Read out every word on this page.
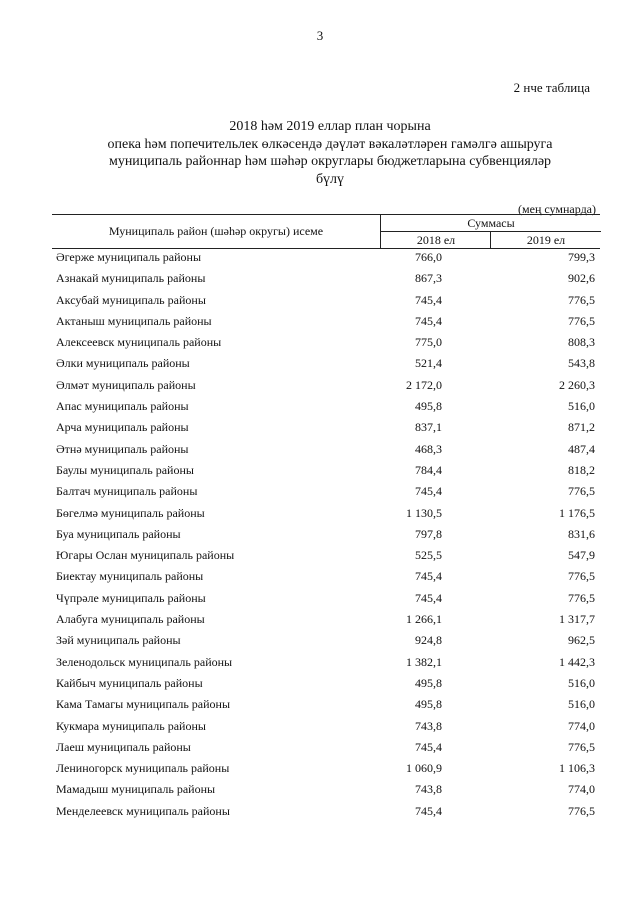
3
2 нче таблица
2018 һәм 2019 еллар план чорына
опека һәм попечительлек өлкәсендә дәүләт вәкаләтләрен гамәлгә ашыруга
муниципаль районнар һәм шәһәр округлары бюджетларына субвенцияләр
бүлү
(мең сумнарда)
Муниципаль район (шәһәр округы) исеме
Суммасы
2018 ел	2019 ел
Әгерже муниципаль районы	766,0	799,3
Азнакай муниципаль районы	867,3	902,6
Аксубай муниципаль районы	745,4	776,5
Актаныш муниципаль районы	745,4	776,5
Алексеевск муниципаль районы	775,0	808,3
Әлки муниципаль районы	521,4	543,8
Әлмәт муниципаль районы	2 172,0	2 260,3
Апас муниципаль районы	495,8	516,0
Арча муниципаль районы	837,1	871,2
Әтнә муниципаль районы	468,3	487,4
Баулы муниципаль районы	784,4	818,2
Балтач муниципаль районы	745,4	776,5
Бөгелмә муниципаль районы	1 130,5	1 176,5
Буа муниципаль районы	797,8	831,6
Югары Ослан муниципаль районы	525,5	547,9
Биектау муниципаль районы	745,4	776,5
Чүпрәле муниципаль районы	745,4	776,5
Алабуга муниципаль районы	1 266,1	1 317,7
Зәй муниципаль районы	924,8	962,5
Зеленодольск муниципаль районы	1 382,1	1 442,3
Кайбыч муниципаль районы	495,8	516,0
Кама Тамагы муниципаль районы	495,8	516,0
Кукмара муниципаль районы	743,8	774,0
Лаеш муниципаль районы	745,4	776,5
Лениногорск муниципаль районы	1 060,9	1 106,3
Мамадыш муниципаль районы	743,8	774,0
Менделеевск муниципаль районы	745,4	776,5
